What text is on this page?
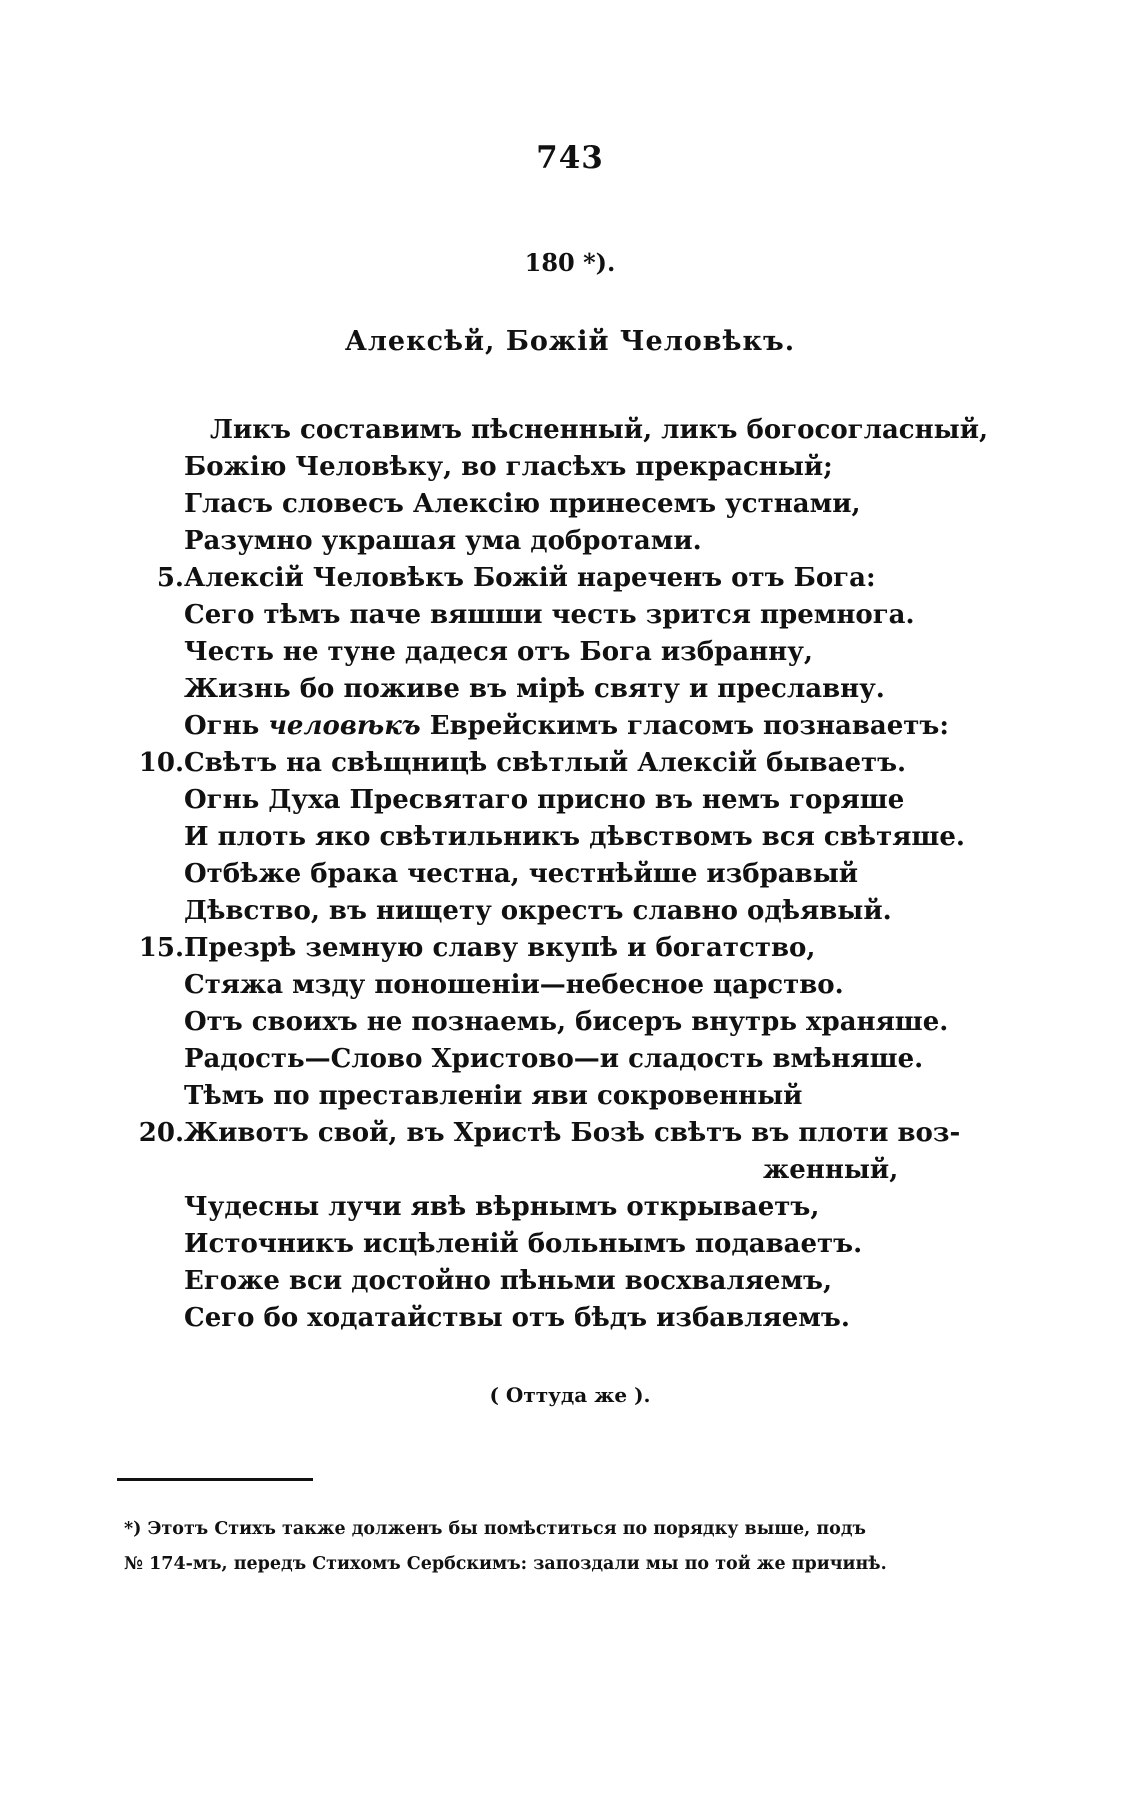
743
180 *).
Алексѣй, Божій Человѣкъ.
Ликъ составимъ пѣсненный, ликъ богосогласный,
Божію Человѣку, во гласѣхъ прекрасный;
Гласъ словесъ Алексію принесемъ устнами,
Разумно украшая ума добротами.
5. Алексій Человѣкъ Божій нареченъ отъ Бога:
Сего тѣмъ паче вяшши честь зрится премнога.
Честь не туне дадеся отъ Бога избранну,
Жизнь бо поживе въ мірѣ святу и преславну.
Огнь человѣкъ Еврейскимъ гласомъ познаваетъ:
10. Свѣтъ на свѣщницѣ свѣтлый Алексій бываетъ.
Огнь Духа Пресвятаго присно въ немъ горяше
И плоть яко свѣтильникъ дѣвствомъ вся свѣтяше.
Отбѣже брака честна, честнѣйше избравый
Дѣвство, въ нищету окрестъ славно одѣявый.
15. Презрѣ земную славу вкупѣ и богатство,
Стяжа мзду поношеніи—небесное царство.
Отъ своихъ не познаемь, бисеръ внутрь храняше.
Радость—Слово Христово—и сладость вмѣняше.
Тѣмъ по преставленіи яви сокровенный
20. Животъ свой, въ Христѣ Бозѣ свѣтъ въ плоти воз-
женный,
Чудесны лучи явѣ вѣрнымъ открываетъ,
Источникъ исцѣленій больнымъ подаваетъ.
Егоже вси достойно пѣньми восхваляемъ,
Сего бо ходатайствы отъ бѣдъ избавляемъ.
( Оттуда же ).
*) Этотъ Стихъ также долженъ бы помѣститься по порядку выше, подъ
№ 174-мъ, передъ Стихомъ Сербскимъ: запоздали мы по той же причинѣ.
